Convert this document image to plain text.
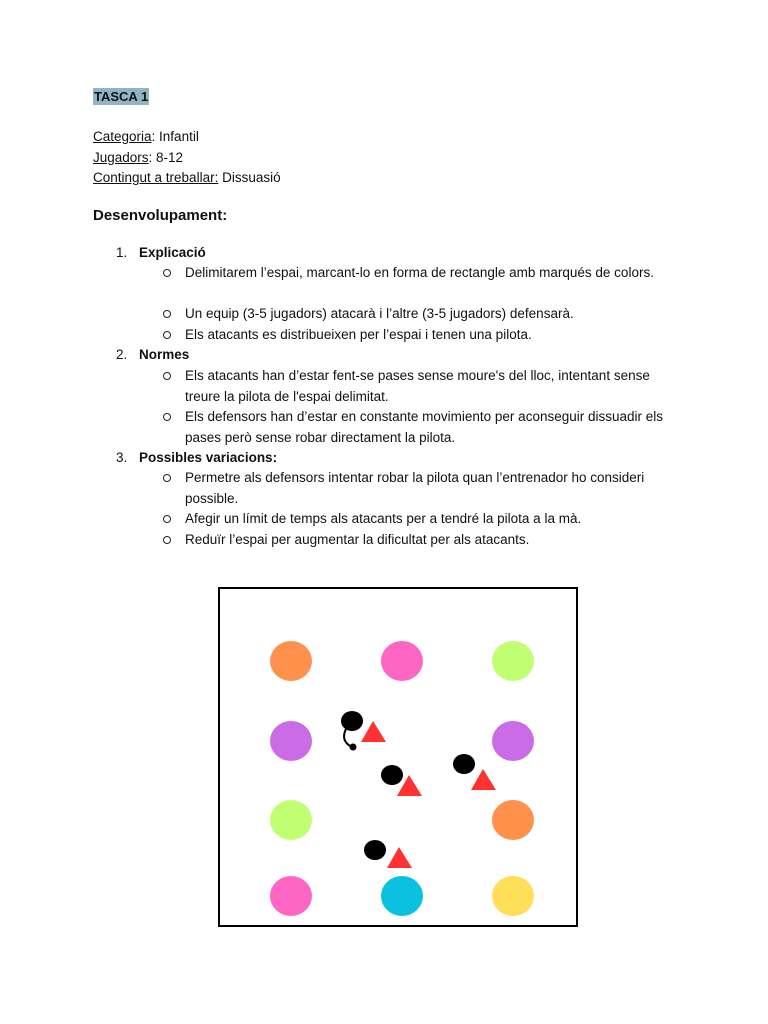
TASCA 1
Categoria: Infantil
Jugadors: 8-12
Contingut a treballar: Dissuasió
Desenvolupament:
1. Explicació
Delimitarem l’espai, marcant-lo en forma de rectangle amb marqués de colors.
Un equip (3-5 jugadors) atacarà i l’altre (3-5 jugadors) defensarà.
Els atacants es distribueixen per l’espai i tenen una pilota.
2. Normes
Els atacants han d’estar fent-se pases sense moure's del lloc, intentant sense treure la pilota de l'espai delimitat.
Els defensors han d’estar en constante movimiento per aconseguir dissuadir els pases però sense robar directament la pilota.
3. Possibles variacions:
Permetre als defensors intentar robar la pilota quan l’entrenador ho consideri possible.
Afegir un límit de temps als atacants per a tendré la pilota a la mà.
Reduïr l’espai per augmentar la dificultat per als atacants.
